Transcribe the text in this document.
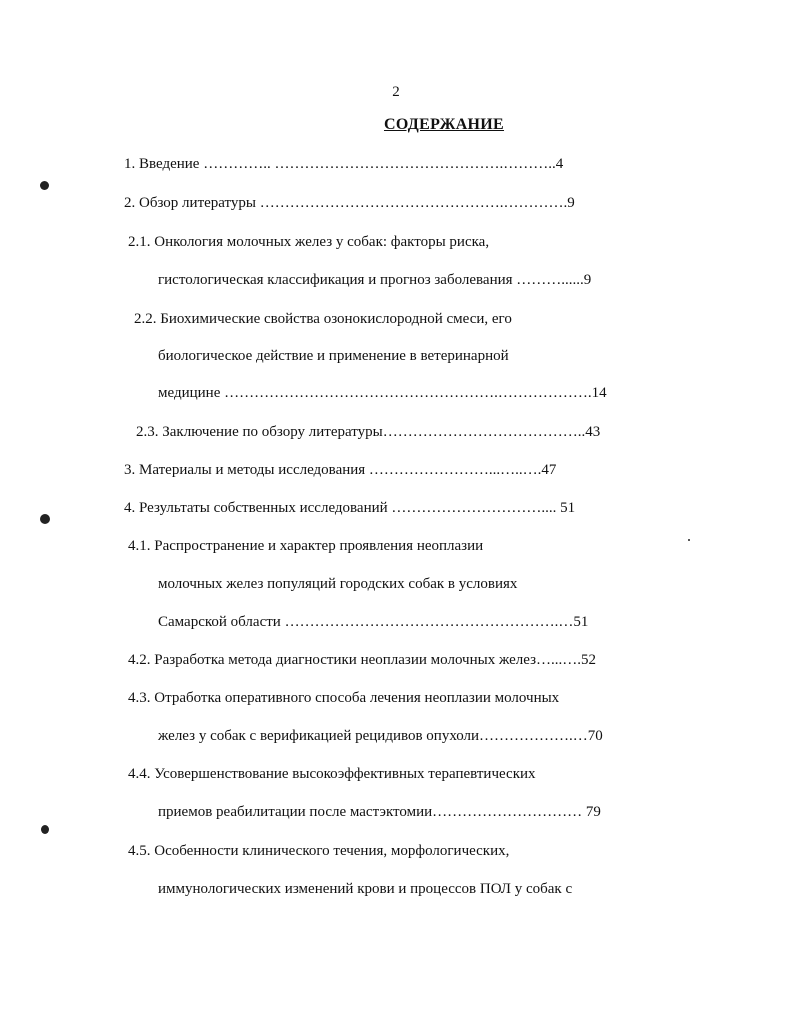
2
СОДЕРЖАНИЕ
1. Введение ………….. ……………………………………….………..4
2. Обзор литературы ………………………………………….………….9
2.1. Онкология молочных желез у собак: факторы риска,
гистологическая классификация и прогноз заболевания ………......9
2.2. Биохимические свойства озонокислородной смеси, его
биологическое действие и применение в ветеринарной
медицине ……………………………………………….……………….14
2.3. Заключение по обзору литературы…………………………………..43
3. Материалы и методы исследования ……………………...…..….47
4. Результаты собственных исследований ………………………….... 51
4.1. Распространение и характер проявления неоплазии
молочных желез популяций городских собак в условиях
Самарской области ……………………………………………….…51
4.2. Разработка метода диагностики неоплазии молочных желез…...….52
4.3. Отработка оперативного способа лечения неоплазии молочных
желез у собак с верификацией рецидивов опухоли……………….…70
4.4. Усовершенствование высокоэффективных терапевтических
приемов реабилитации после мастэктомии………………………… 79
4.5. Особенности клинического течения, морфологических,
иммунологических изменений крови и процессов ПОЛ у собак с
